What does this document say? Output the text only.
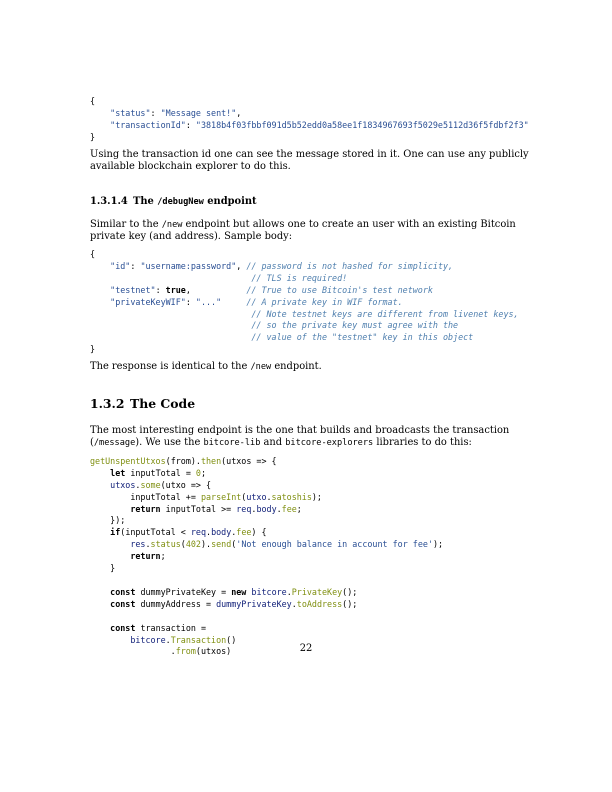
{
"status": "Message sent!",
"transactionId": "3818b4f03fbbf091d5b52edd0a58ee1f1834967693f5029e5112d36f5fdbf2f3"
}

Using the transaction id one can see the message stored in it. One can use any publicly available blockchain explorer to do this.

1.3.1.4 The /debugNew endpoint

Similar to the /new endpoint but allows one to create an user with an existing Bitcoin private key (and address). Sample body:

{
"id": "username:password", // password is not hashed for simplicity,
// TLS is required!
"testnet": true,           // True to use Bitcoin's test network
"privateKeyWIF": "..."	// A private key in WIF format.
// Note testnet keys are different from livenet keys,
// so the private key must agree with the
// value of the "testnet" key in this object
}

The response is identical to the /new endpoint.

1.3.2 The Code

The most interesting endpoint is the one that builds and broadcasts the transaction (/message). We use the bitcore-lib and bitcore-explorers libraries to do this:

getUnspentUtxos(from).then(utxos => {
let inputTotal = 0;
utxos.some(utxo => {
inputTotal += parseInt(utxo.satoshis);
return inputTotal >= req.body.fee;
});
if(inputTotal < req.body.fee) {
res.status(402).send('Not enough balance in account for fee');
return;
}

const dummyPrivateKey = new bitcore.PrivateKey();
const dummyAddress = dummyPrivateKey.toAddress();

const transaction =
bitcore.Transaction()
.from(utxos)	22
